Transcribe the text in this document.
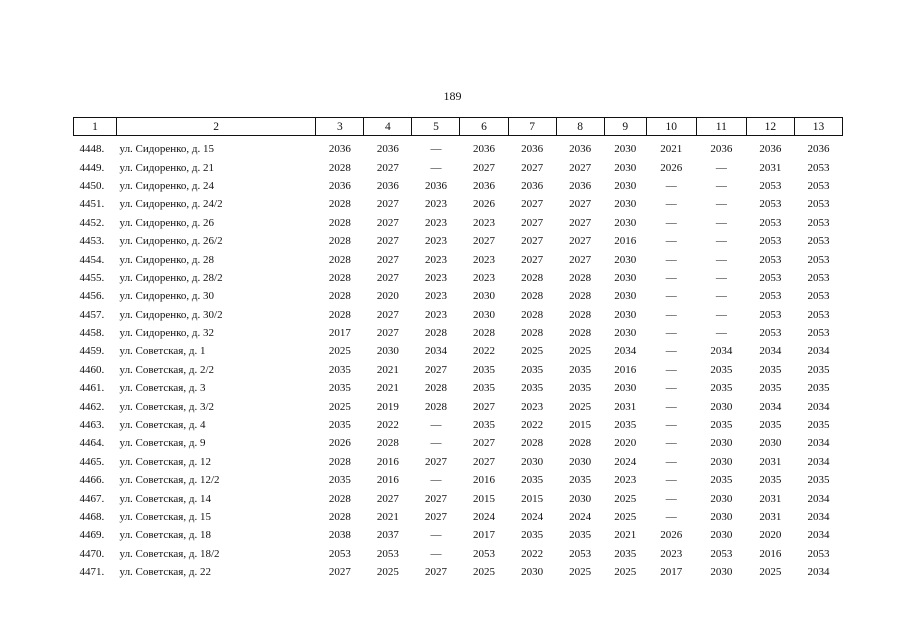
189
1	2	3	4	5	6	7	8	9	10	11	12	13
4448.	ул. Сидоренко, д. 15	2036	2036	—	2036	2036	2036	2030	2021	2036	2036	2036
4449.	ул. Сидоренко, д. 21	2028	2027	—	2027	2027	2027	2030	2026	—	2031	2053
4450.	ул. Сидоренко, д. 24	2036	2036	2036	2036	2036	2036	2030	—	—	2053	2053
4451.	ул. Сидоренко, д. 24/2	2028	2027	2023	2026	2027	2027	2030	—	—	2053	2053
4452.	ул. Сидоренко, д. 26	2028	2027	2023	2023	2027	2027	2030	—	—	2053	2053
4453.	ул. Сидоренко, д. 26/2	2028	2027	2023	2027	2027	2027	2016	—	—	2053	2053
4454.	ул. Сидоренко, д. 28	2028	2027	2023	2023	2027	2027	2030	—	—	2053	2053
4455.	ул. Сидоренко, д. 28/2	2028	2027	2023	2023	2028	2028	2030	—	—	2053	2053
4456.	ул. Сидоренко, д. 30	2028	2020	2023	2030	2028	2028	2030	—	—	2053	2053
4457.	ул. Сидоренко, д. 30/2	2028	2027	2023	2030	2028	2028	2030	—	—	2053	2053
4458.	ул. Сидоренко, д. 32	2017	2027	2028	2028	2028	2028	2030	—	—	2053	2053
4459.	ул. Советская, д. 1	2025	2030	2034	2022	2025	2025	2034	—	2034	2034	2034
4460.	ул. Советская, д. 2/2	2035	2021	2027	2035	2035	2035	2016	—	2035	2035	2035
4461.	ул. Советская, д. 3	2035	2021	2028	2035	2035	2035	2030	—	2035	2035	2035
4462.	ул. Советская, д. 3/2	2025	2019	2028	2027	2023	2025	2031	—	2030	2034	2034
4463.	ул. Советская, д. 4	2035	2022	—	2035	2022	2015	2035	—	2035	2035	2035
4464.	ул. Советская, д. 9	2026	2028	—	2027	2028	2028	2020	—	2030	2030	2034
4465.	ул. Советская, д. 12	2028	2016	2027	2027	2030	2030	2024	—	2030	2031	2034
4466.	ул. Советская, д. 12/2	2035	2016	—	2016	2035	2035	2023	—	2035	2035	2035
4467.	ул. Советская, д. 14	2028	2027	2027	2015	2015	2030	2025	—	2030	2031	2034
4468.	ул. Советская, д. 15	2028	2021	2027	2024	2024	2024	2025	—	2030	2031	2034
4469.	ул. Советская, д. 18	2038	2037	—	2017	2035	2035	2021	2026	2030	2020	2034
4470.	ул. Советская, д. 18/2	2053	2053	—	2053	2022	2053	2035	2023	2053	2016	2053
4471.	ул. Советская, д. 22	2027	2025	2027	2025	2030	2025	2025	2017	2030	2025	2034
